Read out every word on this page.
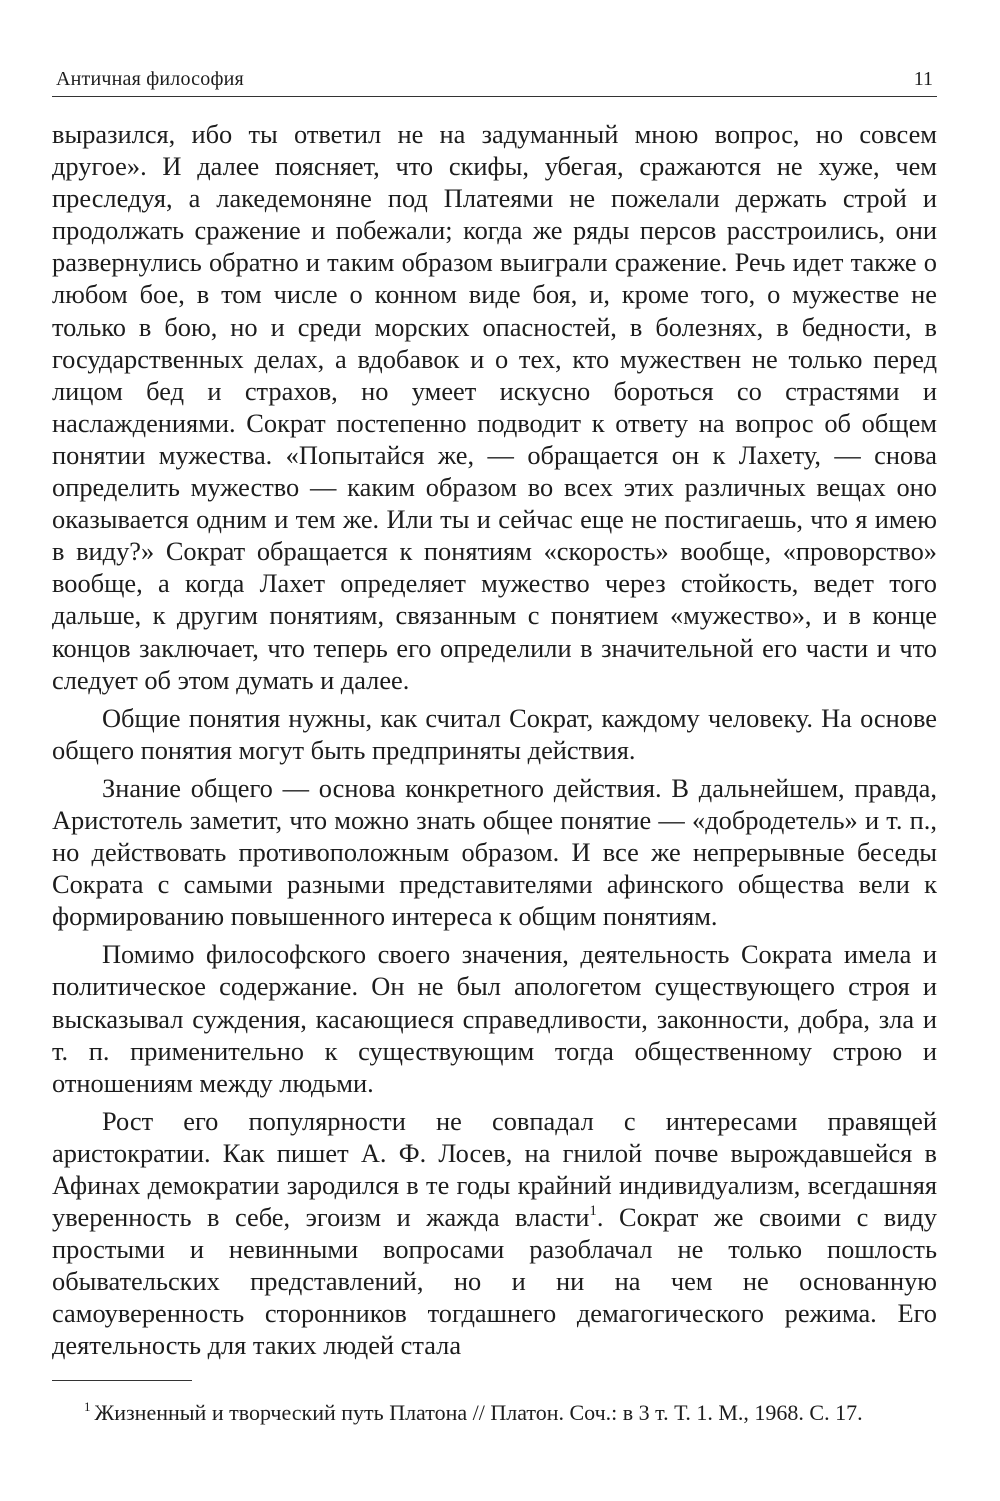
Античная философия	11

выразился, ибо ты ответил не на задуманный мною вопрос, но совсем другое». И далее поясняет, что скифы, убегая, сражаются не хуже, чем преследуя, а лакедемоняне под Платеями не пожелали держать строй и продолжать сражение и побежали; когда же ряды персов расстроились, они развернулись обратно и таким образом выиграли сражение. Речь идет также о любом бое, в том числе о конном виде боя, и, кроме того, о мужестве не только в бою, но и среди морских опасностей, в болезнях, в бедности, в государственных делах, а вдобавок и о тех, кто мужествен не только перед лицом бед и страхов, но умеет искусно бороться со страстями и наслаждениями. Сократ постепенно подводит к ответу на вопрос об общем понятии мужества. «Попытайся же, — обращается он к Лахету, — снова определить мужество — каким образом во всех этих различных вещах оно оказывается одним и тем же. Или ты и сейчас еще не постигаешь, что я имею в виду?» Сократ обращается к понятиям «скорость» вообще, «проворство» вообще, а когда Лахет определяет мужество через стойкость, ведет того дальше, к другим понятиям, связанным с понятием «мужество», и в конце концов заключает, что теперь его определили в значительной его части и что следует об этом думать и далее.

Общие понятия нужны, как считал Сократ, каждому человеку. На основе общего понятия могут быть предприняты действия.

Знание общего — основа конкретного действия. В дальнейшем, правда, Аристотель заметит, что можно знать общее понятие — «добродетель» и т. п., но действовать противоположным образом. И все же непрерывные беседы Сократа с самыми разными представителями афинского общества вели к формированию повышенного интереса к общим понятиям.

Помимо философского своего значения, деятельность Сократа имела и политическое содержание. Он не был апологетом существующего строя и высказывал суждения, касающиеся справедливости, законности, добра, зла и т. п. применительно к существующим тогда общественному строю и отношениям между людьми.

Рост его популярности не совпадал с интересами правящей аристократии. Как пишет А. Ф. Лосев, на гнилой почве вырождавшейся в Афинах демократии зародился в те годы крайний индивидуализм, всегдашняя уверенность в себе, эгоизм и жажда власти$^1$. Сократ же своими с виду простыми и невинными вопросами разоблачал не только пошлость обывательских представлений, но и ни на чем не основанную самоуверенность сторонников тогдашнего демагогического режима. Его деятельность для таких людей стала

$^1$ Жизненный и творческий путь Платона // Платон. Соч.: в 3 т. Т. 1. М., 1968. С. 17.
